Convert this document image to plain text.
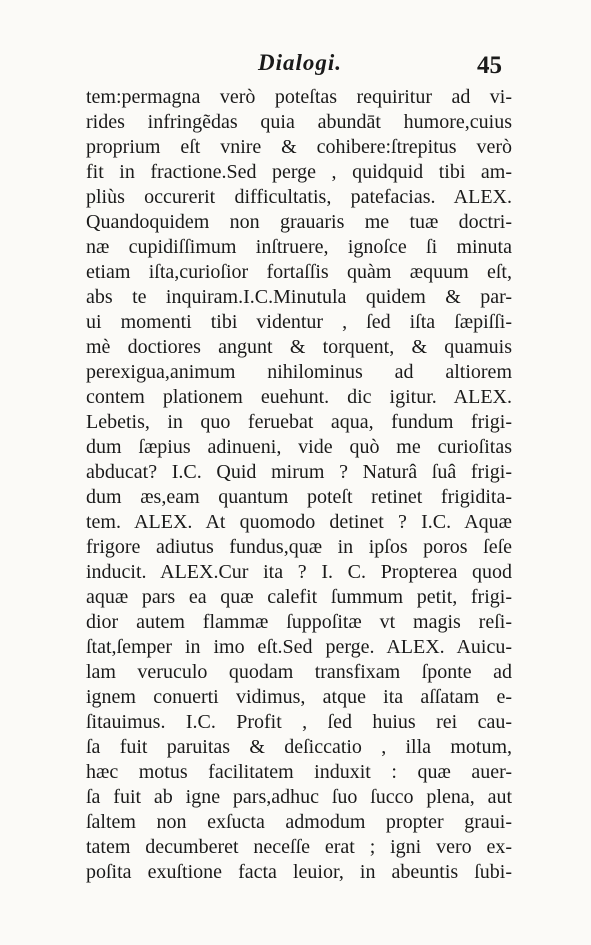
Dialogi.	45
tem:permagna verò poteſtas requiritur ad vi-
rides infringẽdas quia abundāt humore,cuius
proprium eſt vnire & cohibere:ſtrepitus verò
fit in fractione.Sed perge , quidquid tibi am-
pliùs occurerit difficultatis, patefacias. ALEX.
Quandoquidem non grauaris me tuæ doctri-
næ cupidiſſimum inſtruere, ignoſce ſi minuta
etiam iſta,curioſior fortaſſis quàm æquum eſt,
abs te inquiram.I.C.Minutula quidem & par-
ui momenti tibi videntur , ſed iſta ſæpiſſi-
mè doctiores angunt & torquent, & quamuis
perexigua,animum nihilominus ad altiorem
contem plationem euehunt. dic igitur. ALEX.
Lebetis, in quo feruebat aqua, fundum frigi-
dum ſæpius adinueni, vide quò me curioſitas
abducat? I.C. Quid mirum ? Naturâ ſuâ frigi-
dum æs,eam quantum poteſt retinet frigidita-
tem. ALEX. At quomodo detinet ? I.C. Aquæ
frigore adiutus fundus,quæ in ipſos poros ſeſe
inducit. ALEX.Cur ita ? I. C. Propterea quod
aquæ pars ea quæ calefit ſummum petit, frigi-
dior autem flammæ ſuppoſitæ vt magis reſi-
ſtat,ſemper in imo eſt.Sed perge. ALEX. Auicu-
lam veruculo quodam transfixam ſponte ad
ignem conuerti vidimus, atque ita aſſatam e-
ſitauimus. I.C. Profit , ſed huius rei cau-
ſa fuit paruitas & deſiccatio , illa motum,
hæc motus facilitatem induxit : quæ auer-
ſa fuit ab igne pars,adhuc ſuo ſucco plena, aut
ſaltem non exſucta admodum propter graui-
tatem decumberet neceſſe erat ; igni vero ex-
poſita exuſtione facta leuior, in abeuntis ſubi-
